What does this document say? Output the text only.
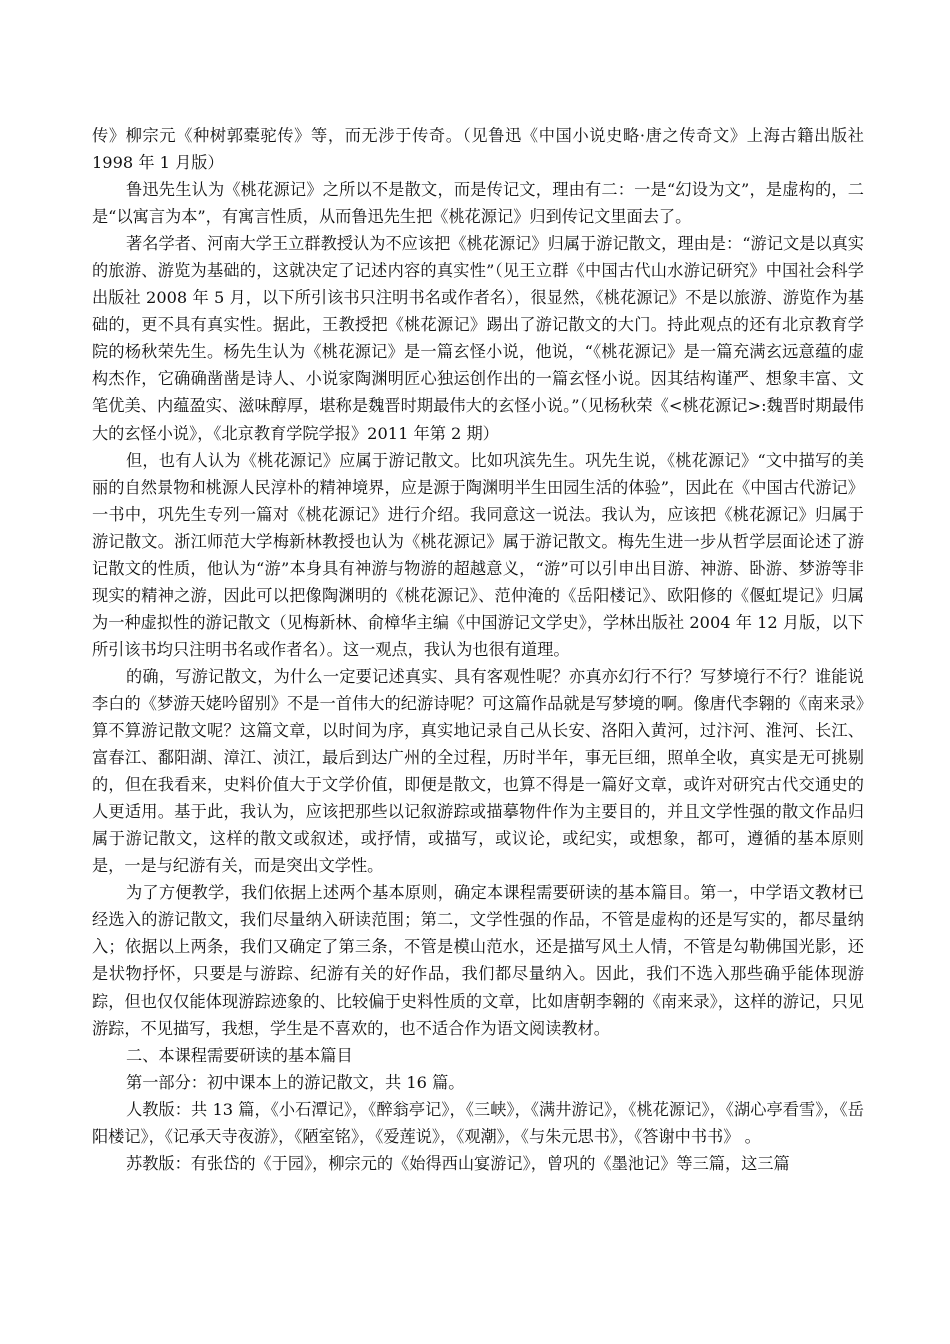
传》柳宗元《种树郭橐驼传》等，而无涉于传奇。（见鲁迅《中国小说史略·唐之传奇文》上海古籍出版社 1998 年 1 月版）

鲁迅先生认为《桃花源记》之所以不是散文，而是传记文，理由有二：一是“幻设为文”，是虚构的，二是“以寓言为本”，有寓言性质，从而鲁迅先生把《桃花源记》归到传记文里面去了。

著名学者、河南大学王立群教授认为不应该把《桃花源记》归属于游记散文，理由是：“游记文是以真实的旅游、游览为基础的，这就决定了记述内容的真实性”（见王立群《中国古代山水游记研究》中国社会科学出版社 2008 年 5 月，以下所引该书只注明书名或作者名），很显然，《桃花源记》不是以旅游、游览作为基础的，更不具有真实性。据此，王教授把《桃花源记》踢出了游记散文的大门。持此观点的还有北京教育学院的杨秋荣先生。杨先生认为《桃花源记》是一篇玄怪小说，他说，“《桃花源记》是一篇充满玄远意蕴的虚构杰作，它确确凿凿是诗人、小说家陶渊明匠心独运创作出的一篇玄怪小说。因其结构谨严、想象丰富、文笔优美、内蕴盈实、滋味醇厚，堪称是魏晋时期最伟大的玄怪小说。”（见杨秋荣《<桃花源记>:魏晋时期最伟大的玄怪小说》，《北京教育学院学报》2011 年第 2 期）

但，也有人认为《桃花源记》应属于游记散文。比如巩滨先生。巩先生说，《桃花源记》“文中描写的美丽的自然景物和桃源人民淳朴的精神境界，应是源于陶渊明半生田园生活的体验”，因此在《中国古代游记》一书中，巩先生专列一篇对《桃花源记》进行介绍。我同意这一说法。我认为，应该把《桃花源记》归属于游记散文。浙江师范大学梅新林教授也认为《桃花源记》属于游记散文。梅先生进一步从哲学层面论述了游记散文的性质，他认为“游”本身具有神游与物游的超越意义，“游”可以引申出目游、神游、卧游、梦游等非现实的精神之游，因此可以把像陶渊明的《桃花源记》、范仲淹的《岳阳楼记》、欧阳修的《偃虹堤记》归属为一种虚拟性的游记散文（见梅新林、俞樟华主编《中国游记文学史》，学林出版社 2004 年 12 月版，以下所引该书均只注明书名或作者名）。这一观点，我认为也很有道理。

的确，写游记散文，为什么一定要记述真实、具有客观性呢？亦真亦幻行不行？写梦境行不行？谁能说李白的《梦游天姥吟留别》不是一首伟大的纪游诗呢？可这篇作品就是写梦境的啊。像唐代李翱的《南来录》算不算游记散文呢？这篇文章，以时间为序，真实地记录自己从长安、洛阳入黄河，过汴河、淮河、长江、富春江、鄱阳湖、漳江、浈江，最后到达广州的全过程，历时半年，事无巨细，照单全收，真实是无可挑剔的，但在我看来，史料价值大于文学价值，即便是散文，也算不得是一篇好文章，或许对研究古代交通史的人更适用。基于此，我认为，应该把那些以记叙游踪或描摹物件作为主要目的，并且文学性强的散文作品归属于游记散文，这样的散文或叙述，或抒情，或描写，或议论，或纪实，或想象，都可，遵循的基本原则是，一是与纪游有关，而是突出文学性。

为了方便教学，我们依据上述两个基本原则，确定本课程需要研读的基本篇目。第一，中学语文教材已经选入的游记散文，我们尽量纳入研读范围；第二，文学性强的作品，不管是虚构的还是写实的，都尽量纳入；依据以上两条，我们又确定了第三条，不管是模山范水，还是描写风土人情，不管是勾勒佛国光影，还是状物抒怀，只要是与游踪、纪游有关的好作品，我们都尽量纳入。因此，我们不选入那些确乎能体现游踪，但也仅仅能体现游踪迹象的、比较偏于史料性质的文章，比如唐朝李翱的《南来录》，这样的游记，只见游踪，不见描写，我想，学生是不喜欢的，也不适合作为语文阅读教材。

二、本课程需要研读的基本篇目

第一部分：初中课本上的游记散文，共 16 篇。

人教版：共 13 篇，《小石潭记》，《醉翁亭记》，《三峡》，《满井游记》，《桃花源记》，《湖心亭看雪》，《岳阳楼记》，《记承天寺夜游》，《陋室铭》，《爱莲说》，《观潮》，《与朱元思书》，《答谢中书书》 。

苏教版：有张岱的《于园》，柳宗元的《始得西山宴游记》，曾巩的《墨池记》等三篇，这三篇
